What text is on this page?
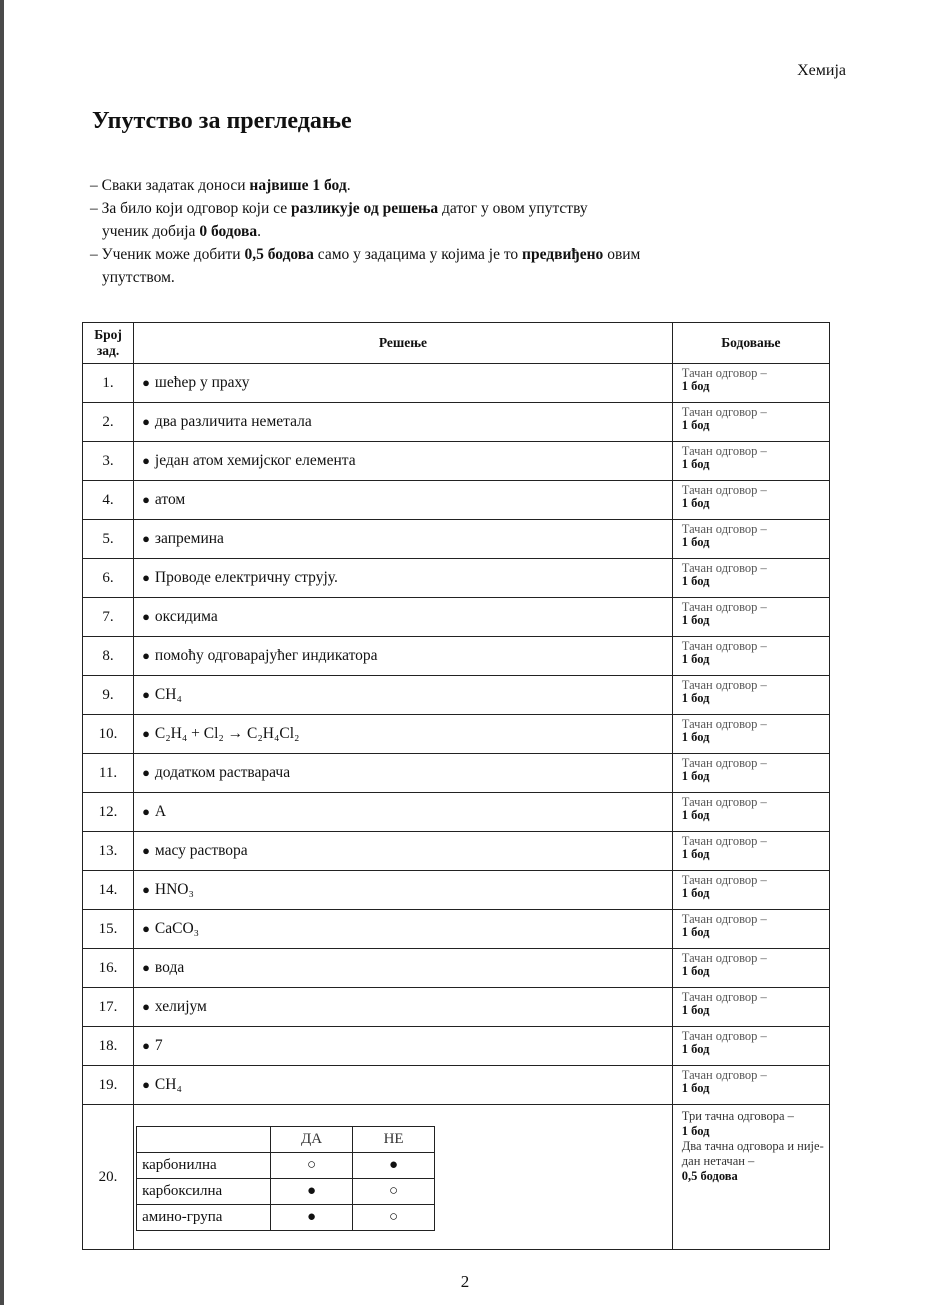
Хемија
Упутство за прегледање

– Сваки задатак доноси највише 1 бод.

– За било који одговор који се разликује од решења датог у овом упутству
ученик добија 0 бодова.

– Ученик може добити 0,5 бодова само у задацима у којима је то предвиђено овим
упутством.

Број зад.	Решење	Бодовање
1.	● шећер у праху	Тачан одговор –
1 бод

2.	● два различита неметала	Тачан одговор –
1 бод

3.	● један атом хемијског елемента	Тачан одговор –
1 бод

4.	● атом	Тачан одговор –
1 бод

5.	● запремина	Тачан одговор –
1 бод

6.	● Проводе електричну струју.	Тачан одговор –
1 бод

7.	● оксидима	Тачан одговор –
1 бод

8.	● помоћу одговарајућег индикатора	Тачан одговор –
1 бод

9.	● CH₄	Тачан одговор –
1 бод

10.	● C₂H₄ + Cl₂ → C₂H₄Cl₂	Тачан одговор –
1 бод

11.	● додатком растварача	Тачан одговор –
1 бод

12.	● А	Тачан одговор –
1 бод

13.	● масу раствора	Тачан одговор –
1 бод

14.	● HNO₃	Тачан одговор –
1 бод

15.	● CaCO₃	Тачан одговор –
1 бод

16.	● вода	Тачан одговор –
1 бод

17.	● хелијум	Тачан одговор –
1 бод

18.	● 7	Тачан одговор –
1 бод

19.	● CH₄	Тачан одговор –
1 бод

20.	
	ДА	НЕ
карбонилна	○	●
карбоксилна	●	○
амино-група	●	○
	Три тачна одговора –
1 бод
Два тачна одговора и ниједан нетачан –
0,5 бодова
2
